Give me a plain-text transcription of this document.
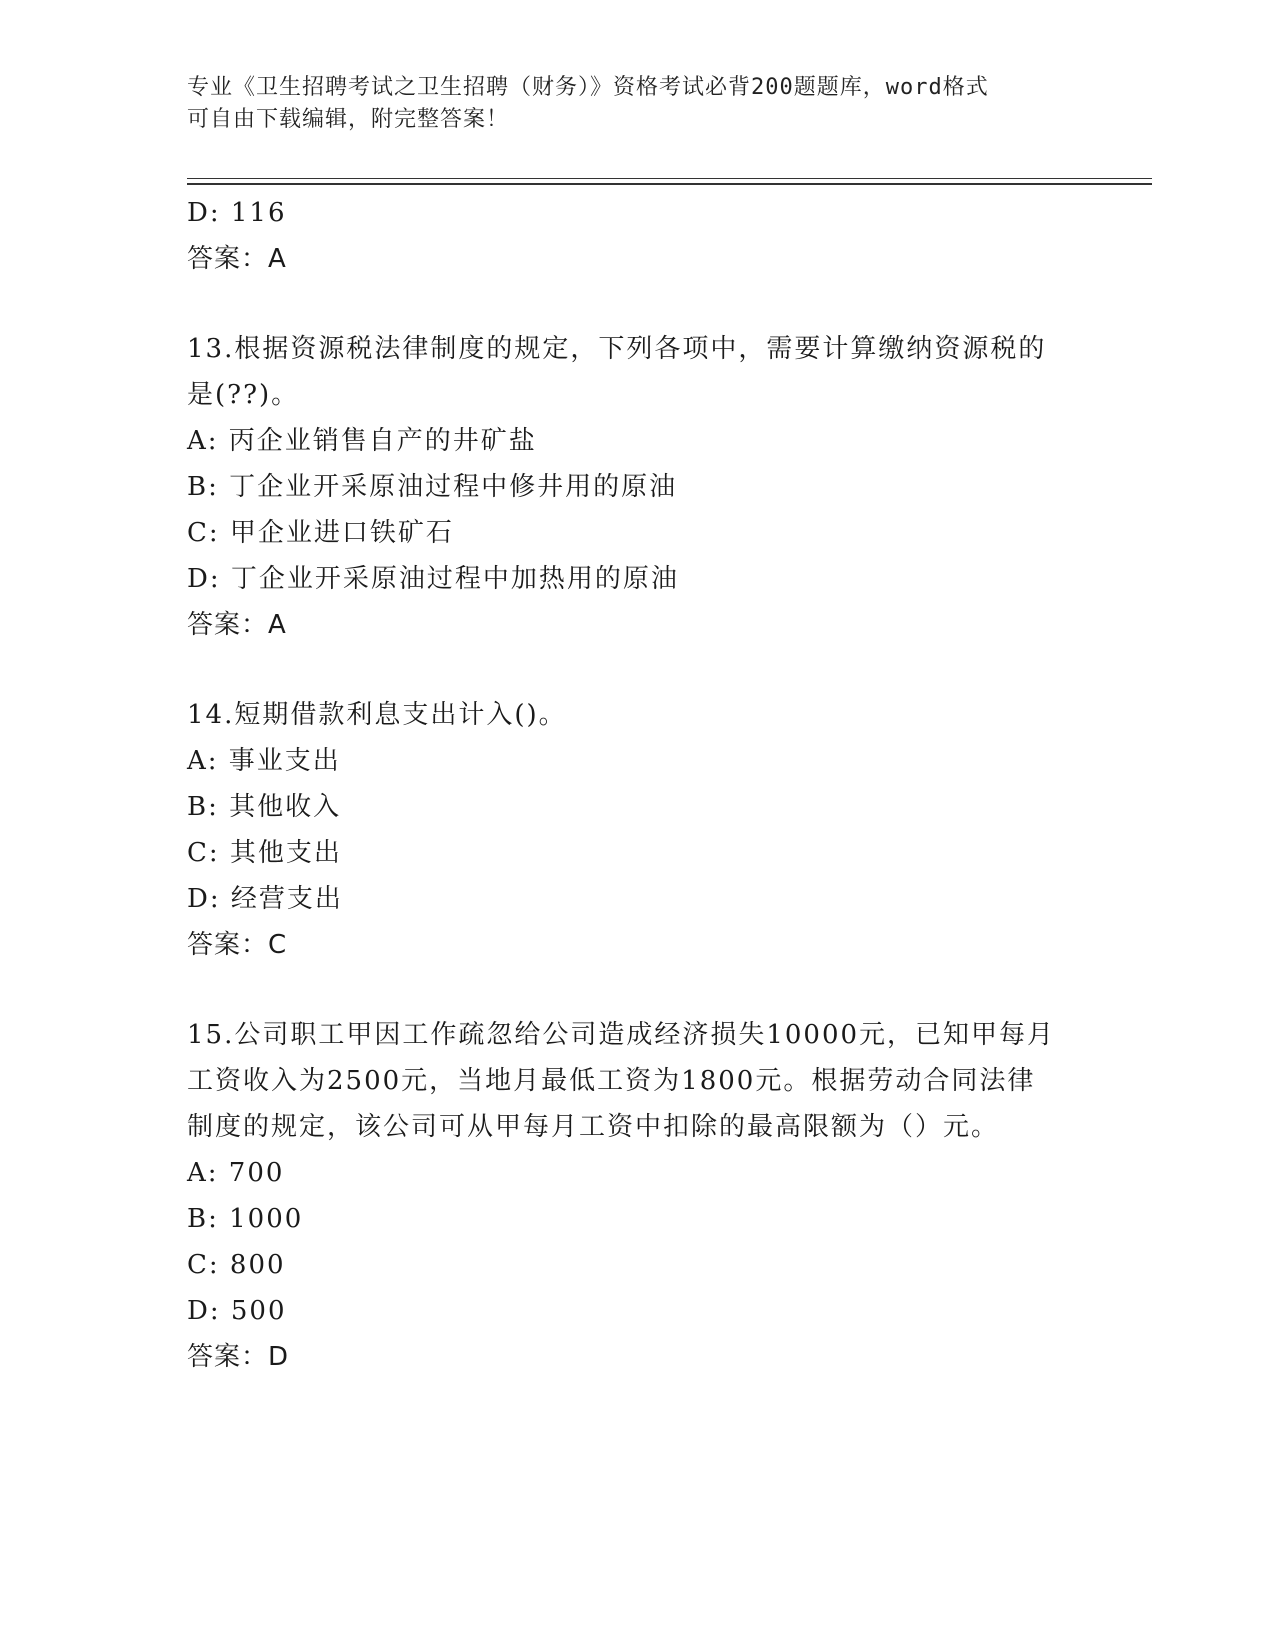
专业《卫生招聘考试之卫生招聘（财务）》资格考试必背200题题库，word格式
可自由下载编辑，附完整答案！
D: 116
答案：A
13.根据资源税法律制度的规定，下列各项中，需要计算缴纳资源税的
是(??)。
A: 丙企业销售自产的井矿盐
B: 丁企业开采原油过程中修井用的原油
C: 甲企业进口铁矿石
D: 丁企业开采原油过程中加热用的原油
答案：A
14.短期借款利息支出计入()。
A: 事业支出
B: 其他收入
C: 其他支出
D: 经营支出
答案：C
15.公司职工甲因工作疏忽给公司造成经济损失10000元，已知甲每月
工资收入为2500元，当地月最低工资为1800元。根据劳动合同法律
制度的规定，该公司可从甲每月工资中扣除的最高限额为（）元。
A: 700
B: 1000
C: 800
D: 500
答案：D
